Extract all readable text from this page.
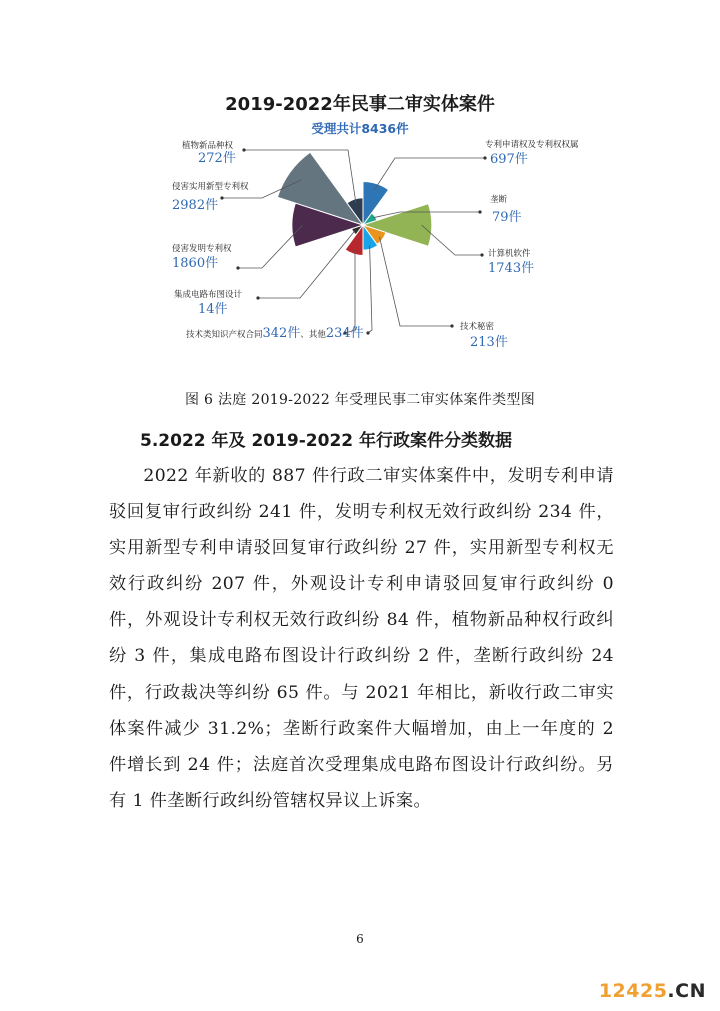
2019-2022年民事二审实体案件
受理共计8436件
专利申请权及专利权权属
697件
垄断
79件
计算机软件
1743件
技术秘密
213件
技术类知识产权合同342件、其他234件
集成电路布图设计
14件
侵害发明专利权
1860件
侵害实用新型专利权
2982件
植物新品种权
272件
图 6 法庭 2019-2022 年受理民事二审实体案件类型图
5.2022 年及 2019-2022 年行政案件分类数据

2022 年新收的 887 件行政二审实体案件中，发明专利申请驳回复审行政纠纷 241 件，发明专利权无效行政纠纷 234 件，实用新型专利申请驳回复审行政纠纷 27 件，实用新型专利权无效行政纠纷 207 件，外观设计专利申请驳回复审行政纠纷 0 件，外观设计专利权无效行政纠纷 84 件，植物新品种权行政纠纷 3 件，集成电路布图设计行政纠纷 2 件，垄断行政纠纷 24 件，行政裁决等纠纷 65 件。与 2021 年相比，新收行政二审实体案件减少 31.2%；垄断行政案件大幅增加，由上一年度的 2 件增长到 24 件；法庭首次受理集成电路布图设计行政纠纷。另有 1 件垄断行政纠纷管辖权异议上诉案。

6
12425.CN
